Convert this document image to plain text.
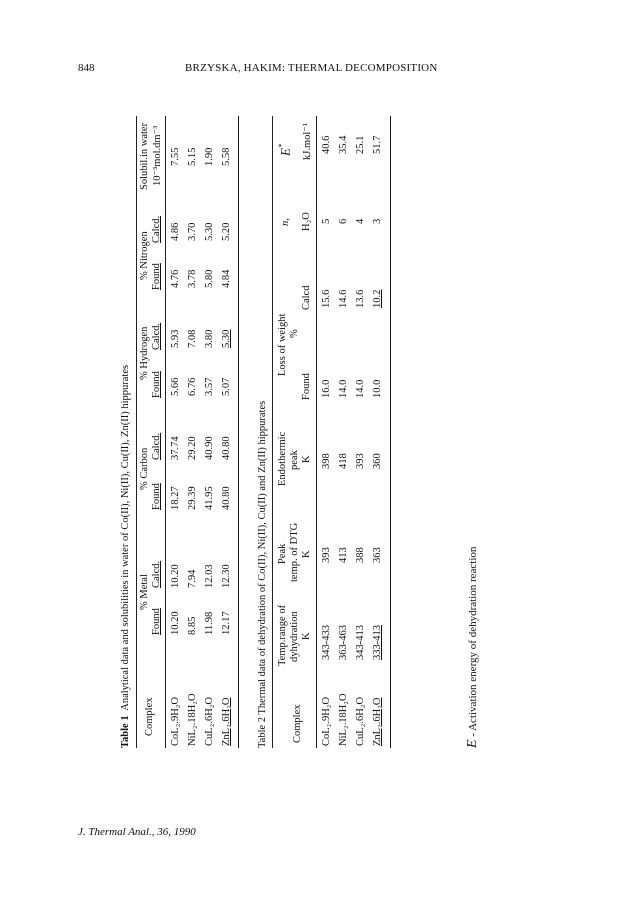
848	BRZYSKA, HAKIM: THERMAL DECOMPOSITION
Table 1  Analytical data and solubilities in water of Co(II), Ni(II), Cu(II), Zn(II) hippurates
Complex
% Metal
% Carbon
% Hydrogen
% Nitrogen
Solubil.in water 10⁻³mol.dm⁻³
Found
Calcd.
Found
Calcd.
Found
Calcd.
Found
Calcd.
CoL₂.9H₂O
10.20
10.20
18.27
37.74
5.66
5.93
4.76
4.86
7.55
NiL₂.18H₂O
8.85
7.94
29.39
29.20
6.76
7.08
3.78
3.70
5.15
CuL₂.6H₂O
11.98
12.03
41.95
40.90
3.57
3.80
5.80
5.30
1.90
ZnL₂.6H₂O
12.17
12.30
40.80
40.80
5.07
5.30
4.84
5.20
5.58
Table 2 Thermal data of dehydration of Co(II), Ni(II), Cu(II) and Zn(II) hippurates Complex
Temp.range of dyhydration K
Peak temp. of DTG K
Endothermic peak K
Loss of weight %
Found
Calcd
n, H₂O
E*	kJ.mol⁻¹
CoL₂.9H₂O
343-433
393
398
16.0
15.6
5
40.6
NiL₂.18H₂O
363-463
413
418
14.0
14.6
6
35.4
CuL₂.6H₂O
343-413
388
393
14.0
13.6
4
25.1
ZnL₂.6H₂O
333-413
363
360
10.0
10.2
3
51.7
E - Activation energy of dehydration reaction
J. Thermal Anal., 36, 1990
